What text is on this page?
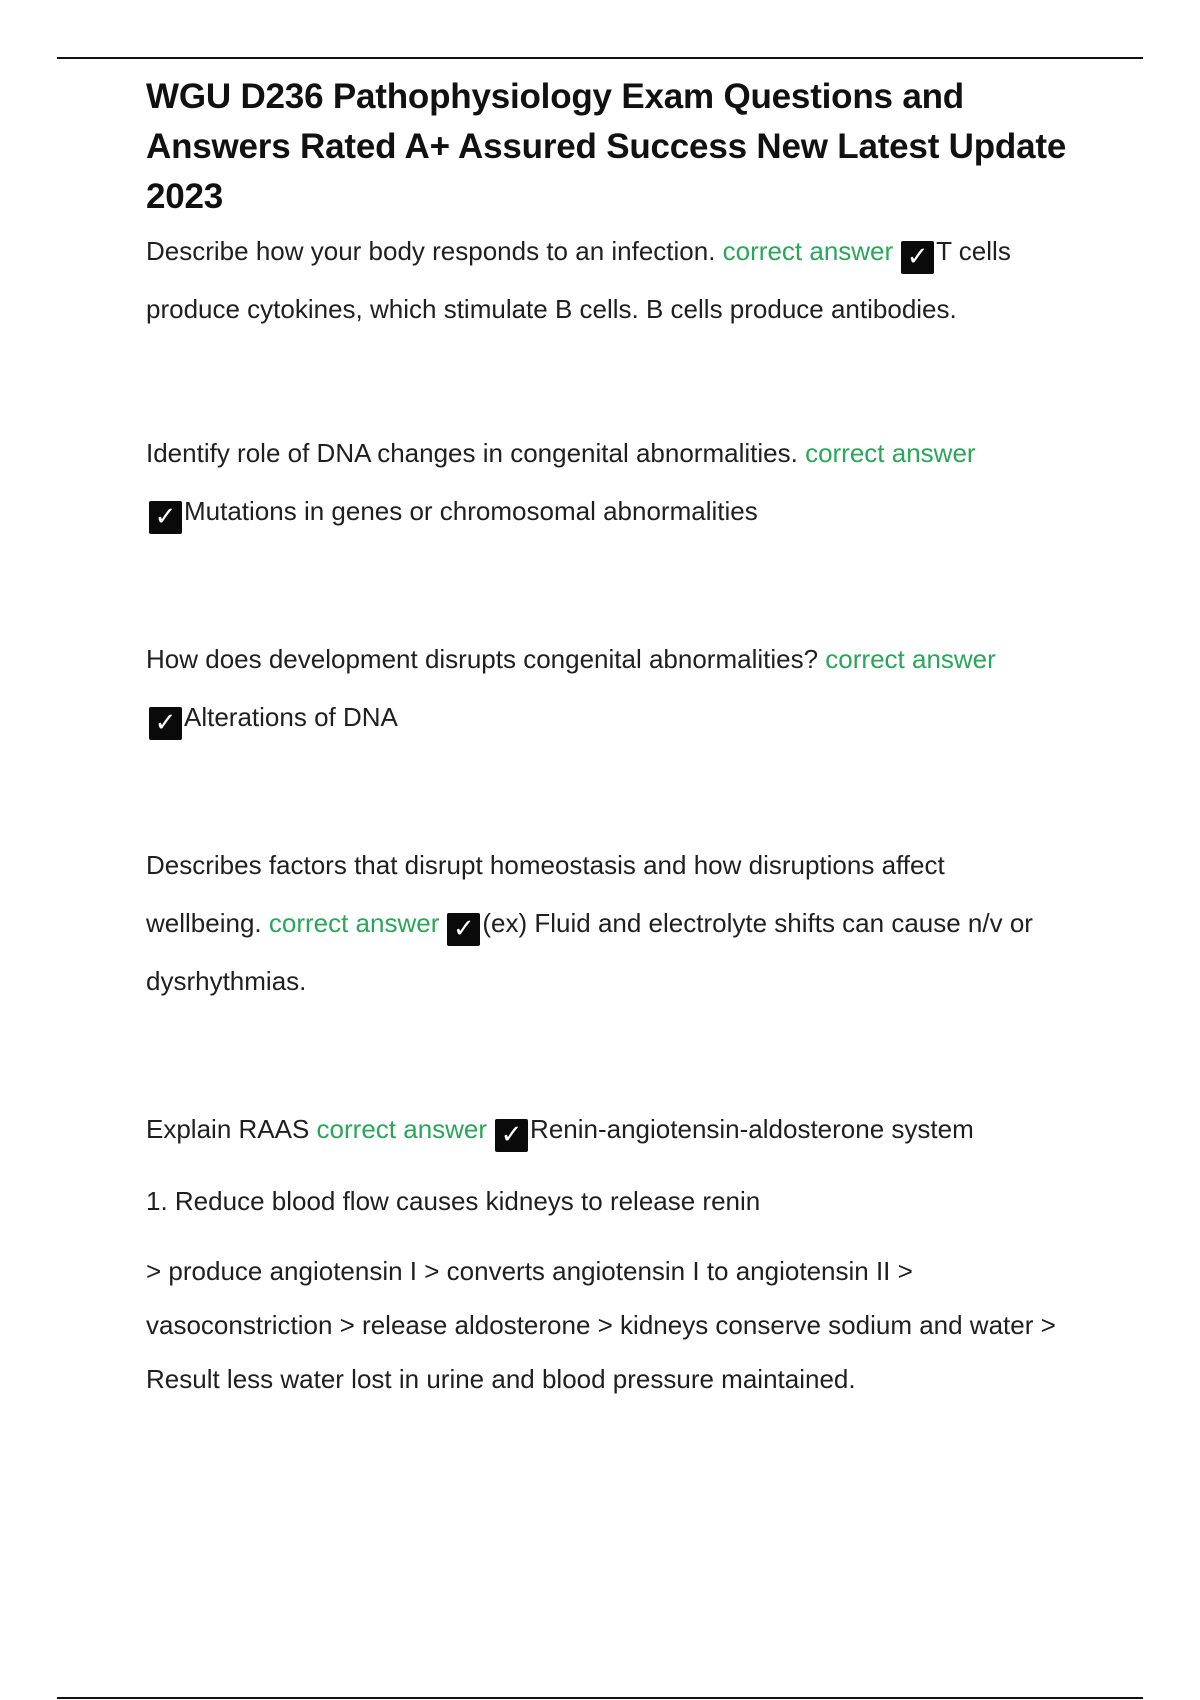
WGU D236 Pathophysiology Exam Questions and Answers Rated A+ Assured Success New Latest Update 2023

Describe how your body responds to an infection. correct answer ✓ T cells produce cytokines, which stimulate B cells. B cells produce antibodies.

Identify role of DNA changes in congenital abnormalities. correct answer
✓ Mutations in genes or chromosomal abnormalities

How does development disrupts congenital abnormalities? correct answer
✓ Alterations of DNA

Describes factors that disrupt homeostasis and how disruptions affect wellbeing. correct answer ✓ (ex) Fluid and electrolyte shifts can cause n/v or dysrhythmias.

Explain RAAS correct answer ✓ Renin-angiotensin-aldosterone system

1. Reduce blood flow causes kidneys to release renin

> produce angiotensin I > converts angiotensin I to angiotensin II > vasoconstriction > release aldosterone > kidneys conserve sodium and water > Result less water lost in urine and blood pressure maintained.
